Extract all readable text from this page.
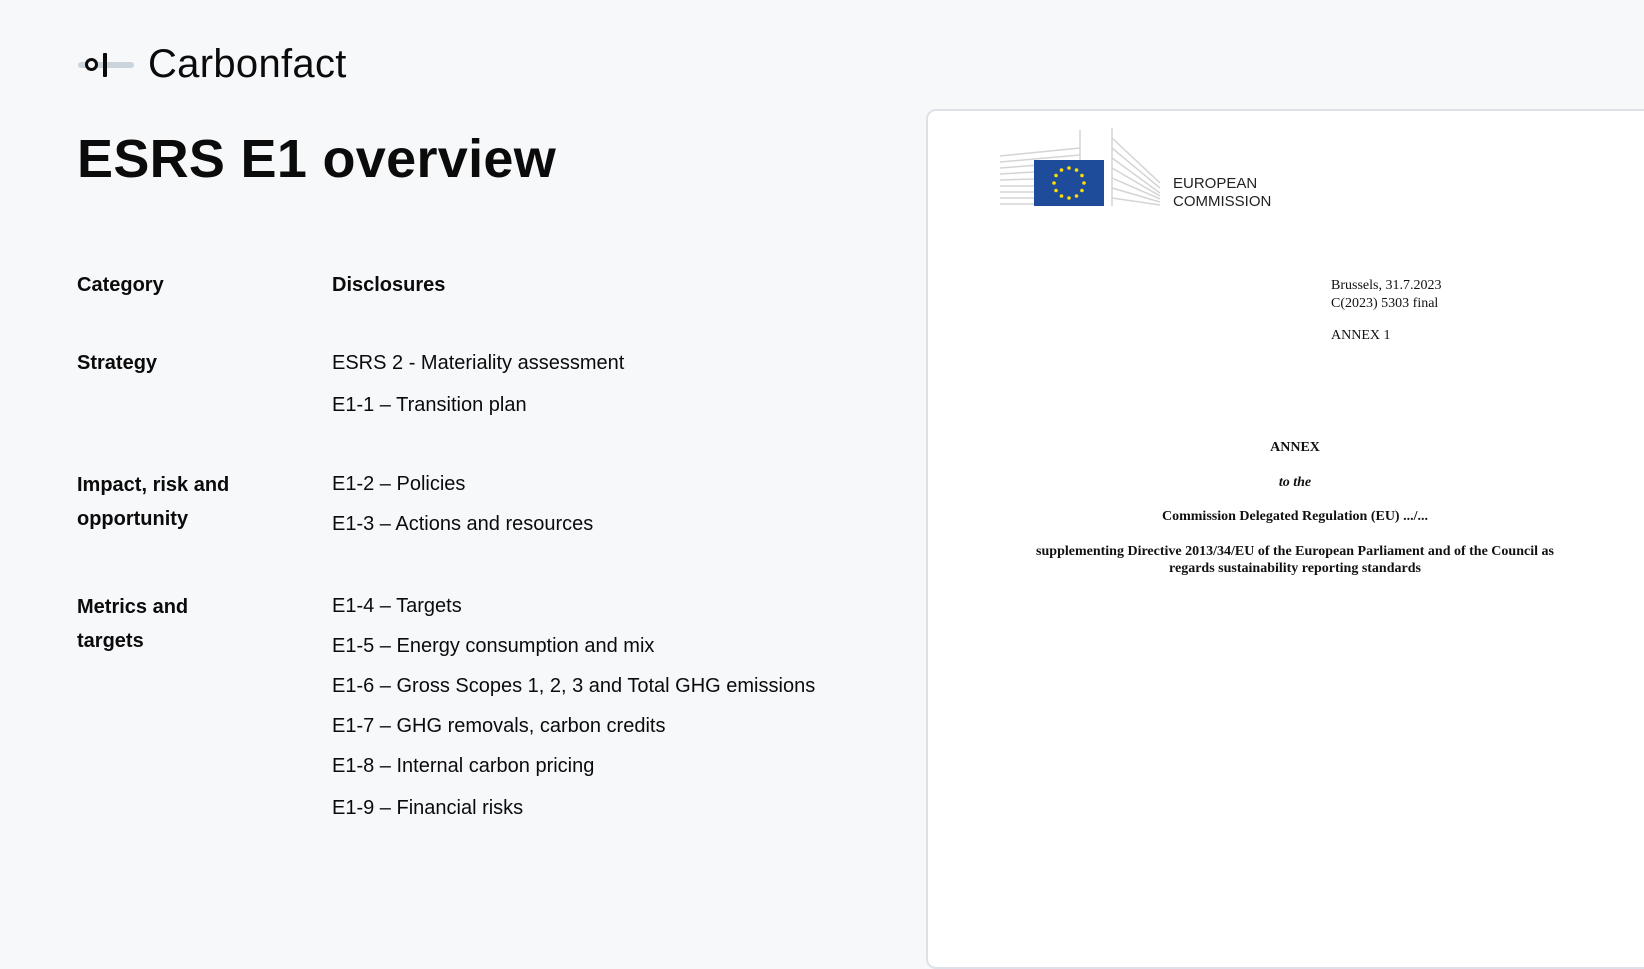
Carbonfact
ESRS E1 overview
Category	Disclosures
Strategy	ESRS 2 - Materiality assessment
E1-1 – Transition plan
Impact, risk and opportunity
E1-2 – Policies
E1-3 – Actions and resources
Metrics and targets
E1-4 – Targets
E1-5 – Energy consumption and mix
E1-6 – Gross Scopes 1, 2, 3 and Total GHG emissions
E1-7 – GHG removals, carbon credits
E1-8 – Internal carbon pricing
E1-9 – Financial risks
EUROPEAN
COMMISSION
Brussels, 31.7.2023
C(2023) 5303 final
ANNEX 1
ANNEX
to the
Commission Delegated Regulation (EU) .../...
supplementing Directive 2013/34/EU of the European Parliament and of the Council as
regards sustainability reporting standards
